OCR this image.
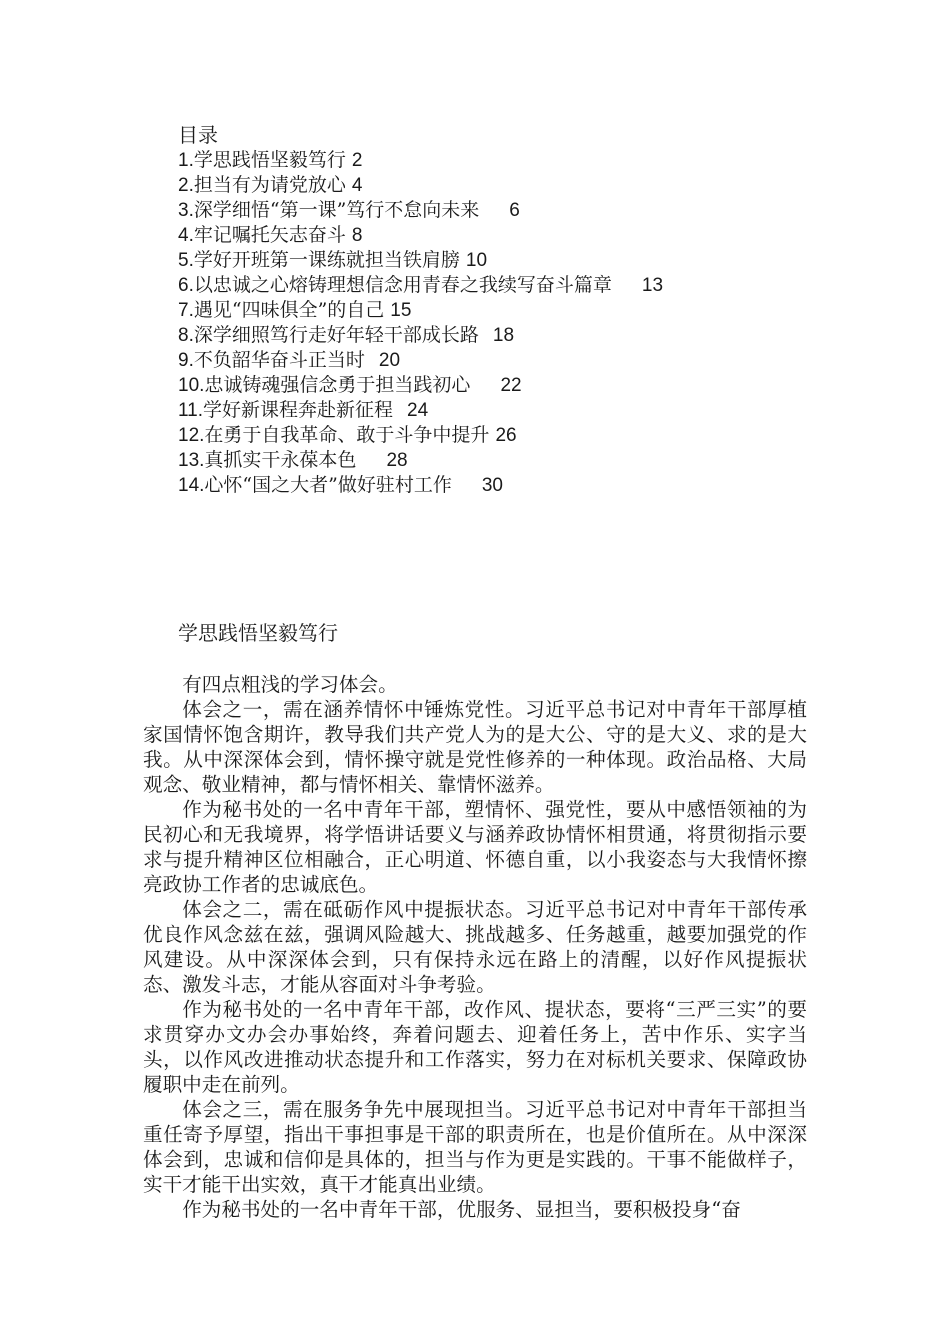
目录
1.学思践悟坚毅笃行 2
2.担当有为请党放心 4
3.深学细悟“第一课”笃行不怠向未来 6
4.牢记嘱托矢志奋斗 8
5.学好开班第一课练就担当铁肩膀 10
6.以忠诚之心熔铸理想信念用青春之我续写奋斗篇章 13
7.遇见“四味俱全”的自己 15
8.深学细照笃行走好年轻干部成长路 18
9.不负韶华奋斗正当时 20
10.忠诚铸魂强信念勇于担当践初心 22
11.学好新课程奔赴新征程 24
12.在勇于自我革命、敢于斗争中提升 26
13.真抓实干永葆本色 28
14.心怀“国之大者”做好驻村工作 30
学思践悟坚毅笃行

有四点粗浅的学习体会。

体会之一，需在涵养情怀中锤炼党性。习近平总书记对中青年干部厚植家国情怀饱含期许，教导我们共产党人为的是大公、守的是大义、求的是大我。从中深深体会到，情怀操守就是党性修养的一种体现。政治品格、大局观念、敬业精神，都与情怀相关、靠情怀滋养。

作为秘书处的一名中青年干部，塑情怀、强党性，要从中感悟领袖的为民初心和无我境界，将学悟讲话要义与涵养政协情怀相贯通，将贯彻指示要求与提升精神区位相融合，正心明道、怀德自重，以小我姿态与大我情怀擦亮政协工作者的忠诚底色。

体会之二，需在砥砺作风中提振状态。习近平总书记对中青年干部传承优良作风念兹在兹，强调风险越大、挑战越多、任务越重，越要加强党的作风建设。从中深深体会到，只有保持永远在路上的清醒，以好作风提振状态、激发斗志，才能从容面对斗争考验。

作为秘书处的一名中青年干部，改作风、提状态，要将“三严三实”的要求贯穿办文办会办事始终，奔着问题去、迎着任务上，苦中作乐、实字当头，以作风改进推动状态提升和工作落实，努力在对标机关要求、保障政协履职中走在前列。

体会之三，需在服务争先中展现担当。习近平总书记对中青年干部担当重任寄予厚望，指出干事担事是干部的职责所在，也是价值所在。从中深深体会到，忠诚和信仰是具体的，担当与作为更是实践的。干事不能做样子，实干才能干出实效，真干才能真出业绩。

作为秘书处的一名中青年干部，优服务、显担当，要积极投身“奋
